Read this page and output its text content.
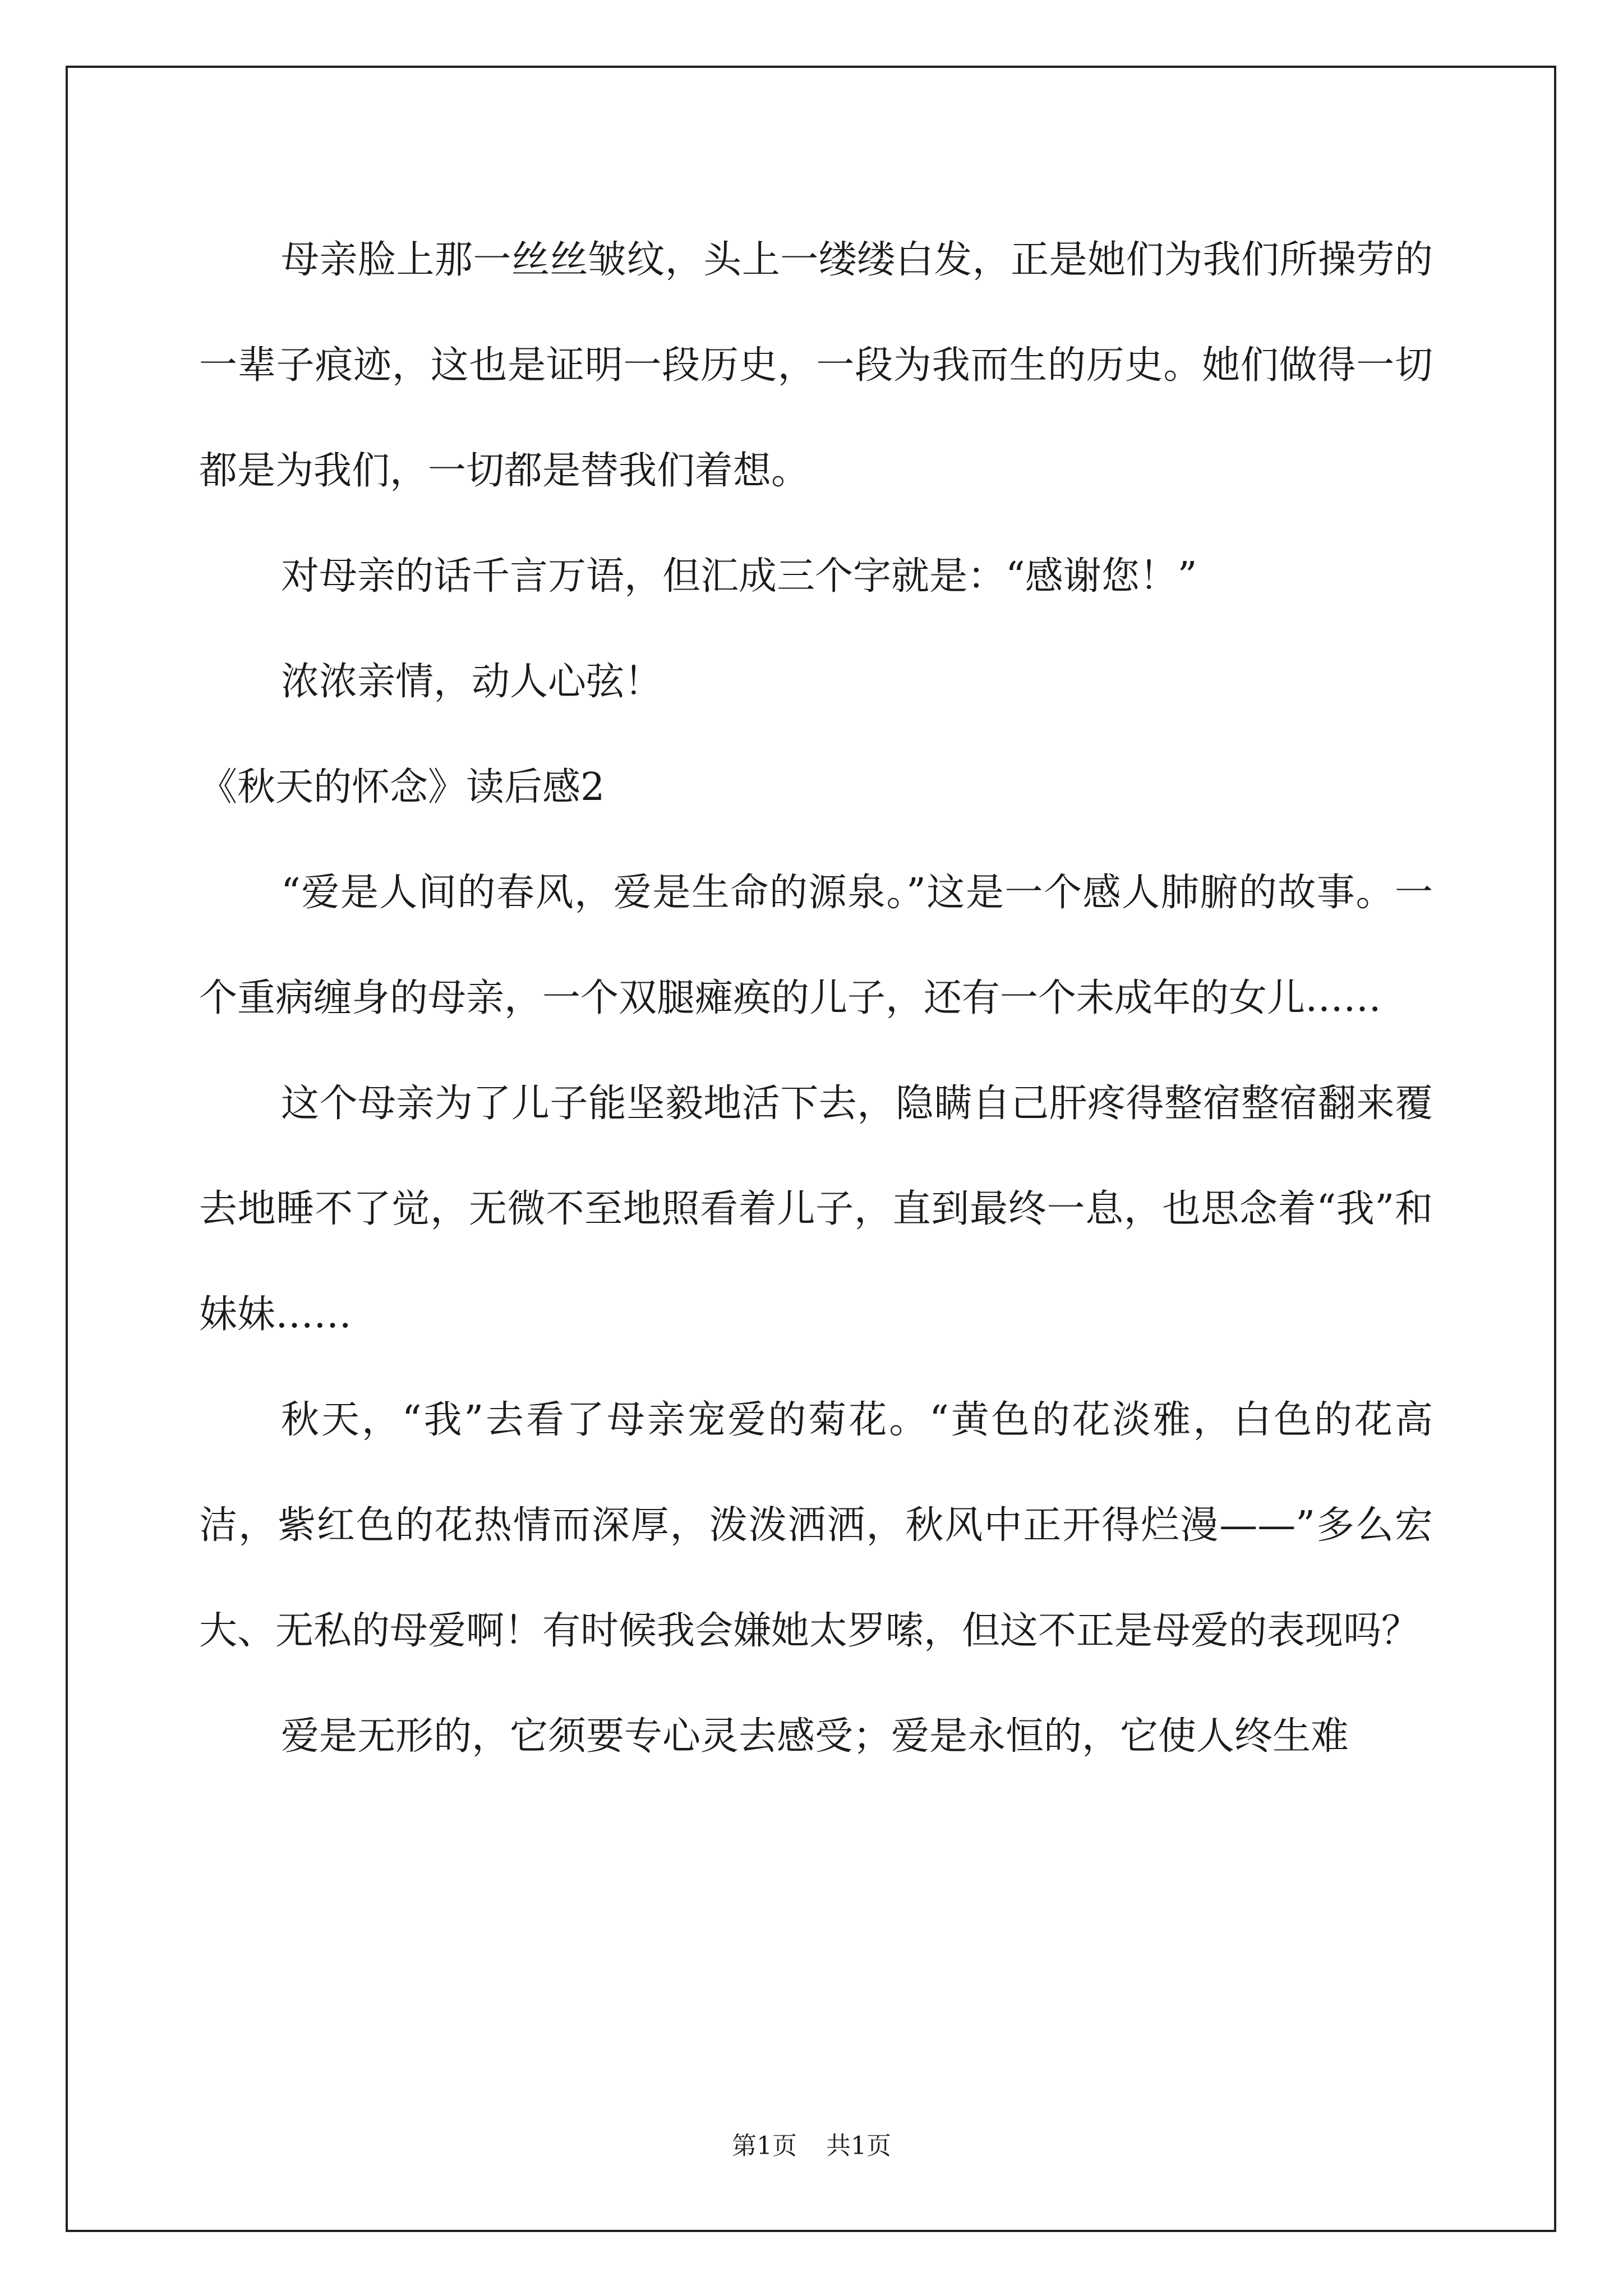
母亲脸上那一丝丝皱纹，头上一缕缕白发，正是她们为我们所操劳的一辈子痕迹，这也是证明一段历史，一段为我而生的历史。她们做得一切都是为我们，一切都是替我们着想。

对母亲的话千言万语，但汇成三个字就是：“感谢您！”

浓浓亲情，动人心弦！

《秋天的怀念》读后感2

“爱是人间的春风，爱是生命的源泉。”这是一个感人肺腑的故事。一个重病缠身的母亲，一个双腿瘫痪的儿子，还有一个未成年的女儿……

这个母亲为了儿子能坚毅地活下去，隐瞒自己肝疼得整宿整宿翻来覆去地睡不了觉，无微不至地照看着儿子，直到最终一息，也思念着“我”和妹妹……

秋天，“我”去看了母亲宠爱的菊花。“黄色的花淡雅，白色的花高洁，紫红色的花热情而深厚，泼泼洒洒，秋风中正开得烂漫——”多么宏大、无私的母爱啊！有时候我会嫌她太罗嗦，但这不正是母爱的表现吗？

爱是无形的，它须要专心灵去感受；爱是永恒的，它使人终生难

第1页 共1页
